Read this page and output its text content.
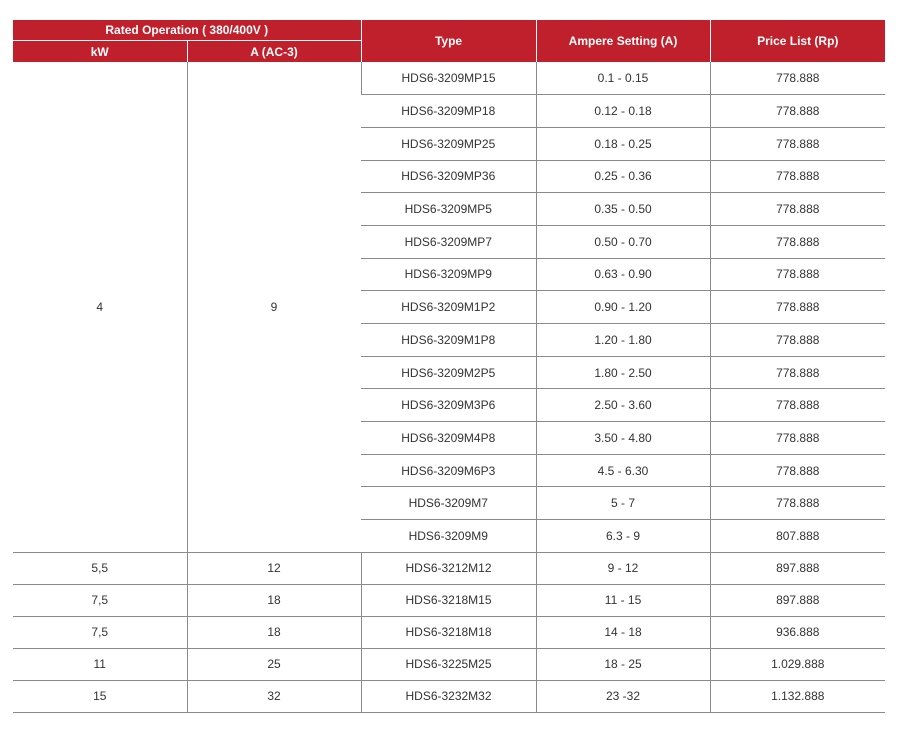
Rated Operation ( 380/400V )		Type	Ampere Setting (A)	Price List (Rp)
kW	A (AC-3)			
4	9	HDS6-3209MP15	0.1 - 0.15	778.888
		HDS6-3209MP18	0.12 - 0.18	778.888
		HDS6-3209MP25	0.18 - 0.25	778.888
		HDS6-3209MP36	0.25 - 0.36	778.888
		HDS6-3209MP5	0.35 - 0.50	778.888
		HDS6-3209MP7	0.50 - 0.70	778.888
		HDS6-3209MP9	0.63 - 0.90	778.888
		HDS6-3209M1P2	0.90 - 1.20	778.888
		HDS6-3209M1P8	1.20 - 1.80	778.888
		HDS6-3209M2P5	1.80 - 2.50	778.888
		HDS6-3209M3P6	2.50 - 3.60	778.888
		HDS6-3209M4P8	3.50 - 4.80	778.888
		HDS6-3209M6P3	4.5 - 6.30	778.888
		HDS6-3209M7	5 - 7	778.888
		HDS6-3209M9	6.3 - 9	807.888
5,5	12	HDS6-3212M12	9 - 12	897.888
7,5	18	HDS6-3218M15	11 - 15	897.888
7,5	18	HDS6-3218M18	14 - 18	936.888
11	25	HDS6-3225M25	18 - 25	1.029.888
15	32	HDS6-3232M32	23 -32	1.132.888
